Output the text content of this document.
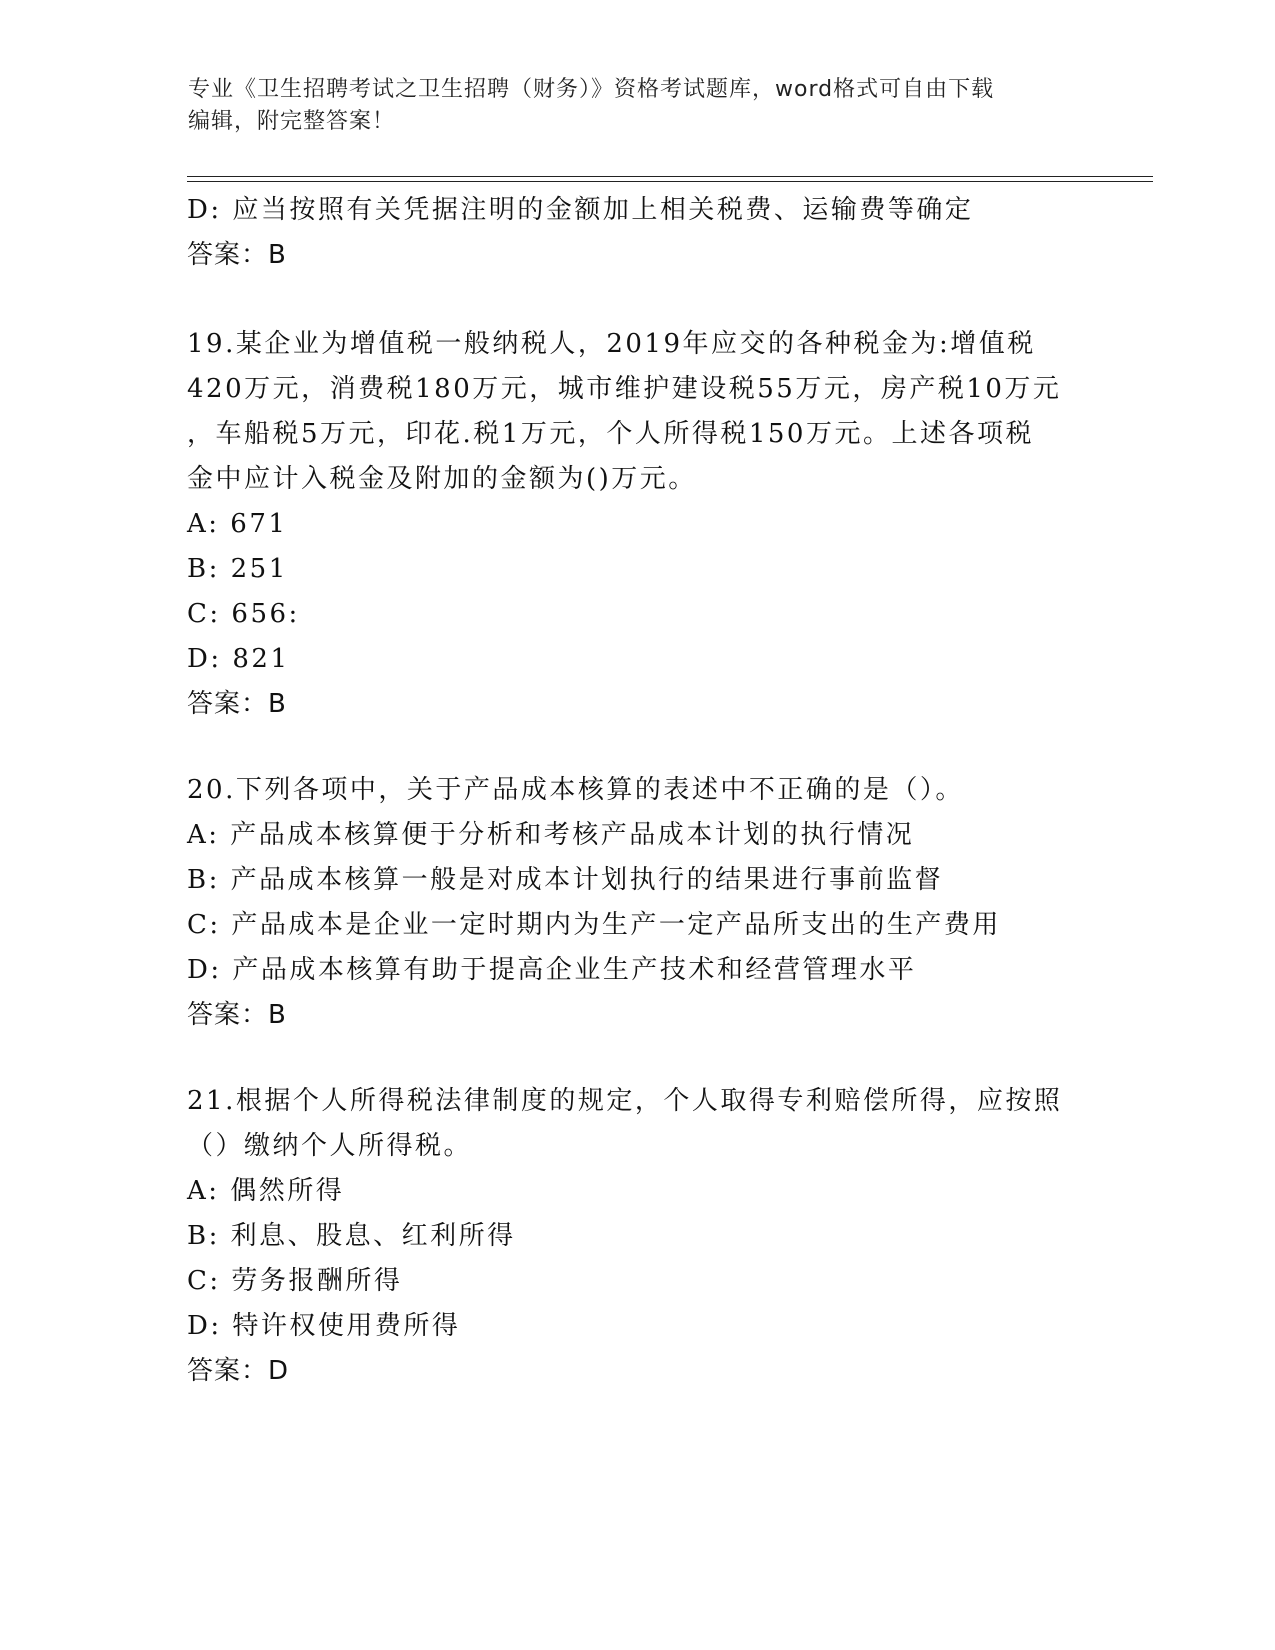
专业《卫生招聘考试之卫生招聘（财务）》资格考试题库，word格式可自由下载

编辑，附完整答案！

D: 应当按照有关凭据注明的金额加上相关税费、运输费等确定

答案：B

19.某企业为增值税一般纳税人，2019年应交的各种税金为:增值税

420万元，消费税180万元，城市维护建设税55万元，房产税10万元

，车船税5万元，印花.税1万元，个人所得税150万元。上述各项税

金中应计入税金及附加的金额为()万元。

A: 671

B: 251

C: 656:

D: 821

答案：B

20.下列各项中，关于产品成本核算的表述中不正确的是（）。

A: 产品成本核算便于分析和考核产品成本计划的执行情况

B: 产品成本核算一般是对成本计划执行的结果进行事前监督

C: 产品成本是企业一定时期内为生产一定产品所支出的生产费用

D: 产品成本核算有助于提高企业生产技术和经营管理水平

答案：B

21.根据个人所得税法律制度的规定，个人取得专利赔偿所得，应按照

（）缴纳个人所得税。

A: 偶然所得

B: 利息、股息、红利所得

C: 劳务报酬所得

D: 特许权使用费所得

答案：D
